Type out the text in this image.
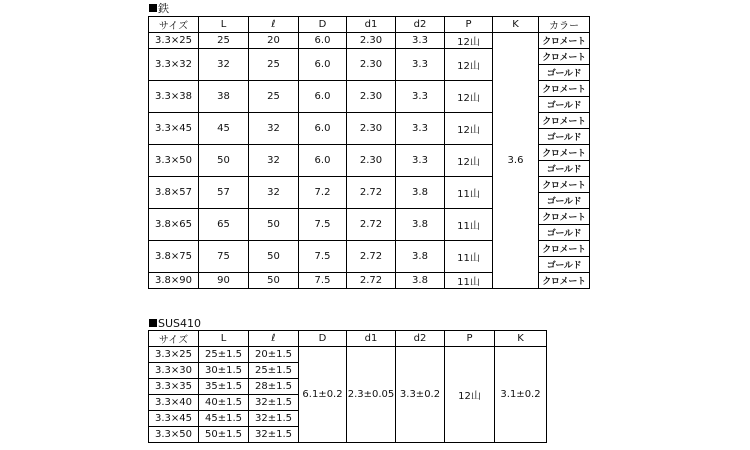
鉄
サイズ	L	ℓ	D	d1	d2	P	K	カラー
3.3×25	25	20	6.0	2.30	3.3	12山	3.6	クロメート
3.3×32	32	25	6.0	2.30	3.3	12山		クロメート
								ゴールド
3.3×38	38	25	6.0	2.30	3.3	12山		クロメート
								ゴールド
3.3×45	45	32	6.0	2.30	3.3	12山		クロメート
								ゴールド
3.3×50	50	32	6.0	2.30	3.3	12山		クロメート
								ゴールド
3.8×57	57	32	7.2	2.72	3.8	11山		クロメート
								ゴールド
3.8×65	65	50	7.5	2.72	3.8	11山		クロメート
								ゴールド
3.8×75	75	50	7.5	2.72	3.8	11山		クロメート
								ゴールド
3.8×90	90	50	7.5	2.72	3.8	11山		クロメート
SUS410
サイズ	L	ℓ	D	d1	d2	P	K
3.3×25	25±1.5	20±1.5	6.1±0.2	2.3±0.05	3.3±0.2	12山	3.1±0.2
3.3×30	30±1.5	25±1.5					
3.3×35	35±1.5	28±1.5					
3.3×40	40±1.5	32±1.5					
3.3×45	45±1.5	32±1.5					
3.3×50	50±1.5	32±1.5					
